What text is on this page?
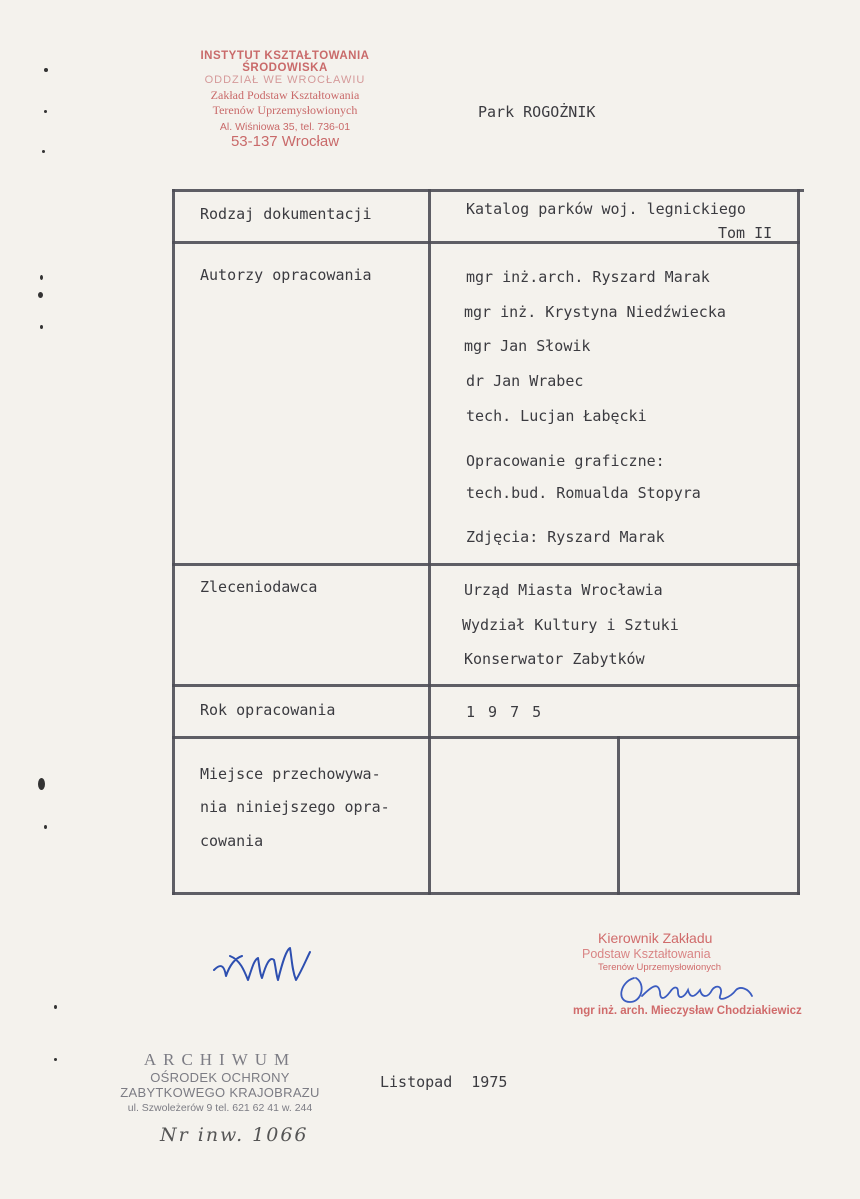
INSTYTUT KSZTAŁTOWANIA ŚRODOWISKA
ODDZIAŁ WE WROCŁAWIU
Zakład Podstaw Kształtowania
Terenów Uprzemysłowionych
Al. Wiśniowa 35, tel. 736-01
53-137 Wrocław
Park ROGOŻNIK
Rodzaj dokumentacji	Katalog parków woj. legnickiego
Tom II
Autorzy opracowania	mgr inż.arch. Ryszard Marak
mgr inż. Krystyna Niedźwiecka
mgr Jan Słowik
dr Jan Wrabec
tech. Lucjan Łabęcki
Opracowanie graficzne:
tech.bud. Romualda Stopyra
Zdjęcia: Ryszard Marak
Zleceniodawca	Urząd Miasta Wrocławia
Wydział Kultury i Sztuki
Konserwator Zabytków
Rok opracowania	1 9 7 5
Miejsce przechowywa-
nia niniejszego opra-
cowania
Kierownik Zakładu
Podstaw Kształtowania
Terenów Uprzemysłowionych
mgr inż. arch. Mieczysław Chodziakiewicz
ARCHIWUM
OŚRODEK OCHRONY
ZABYTKOWEGO KRAJOBRAZU
ul. Szwoleżerów 9 tel. 621 62 41 w. 244
Listopad 1975
Nr inw. 1066
